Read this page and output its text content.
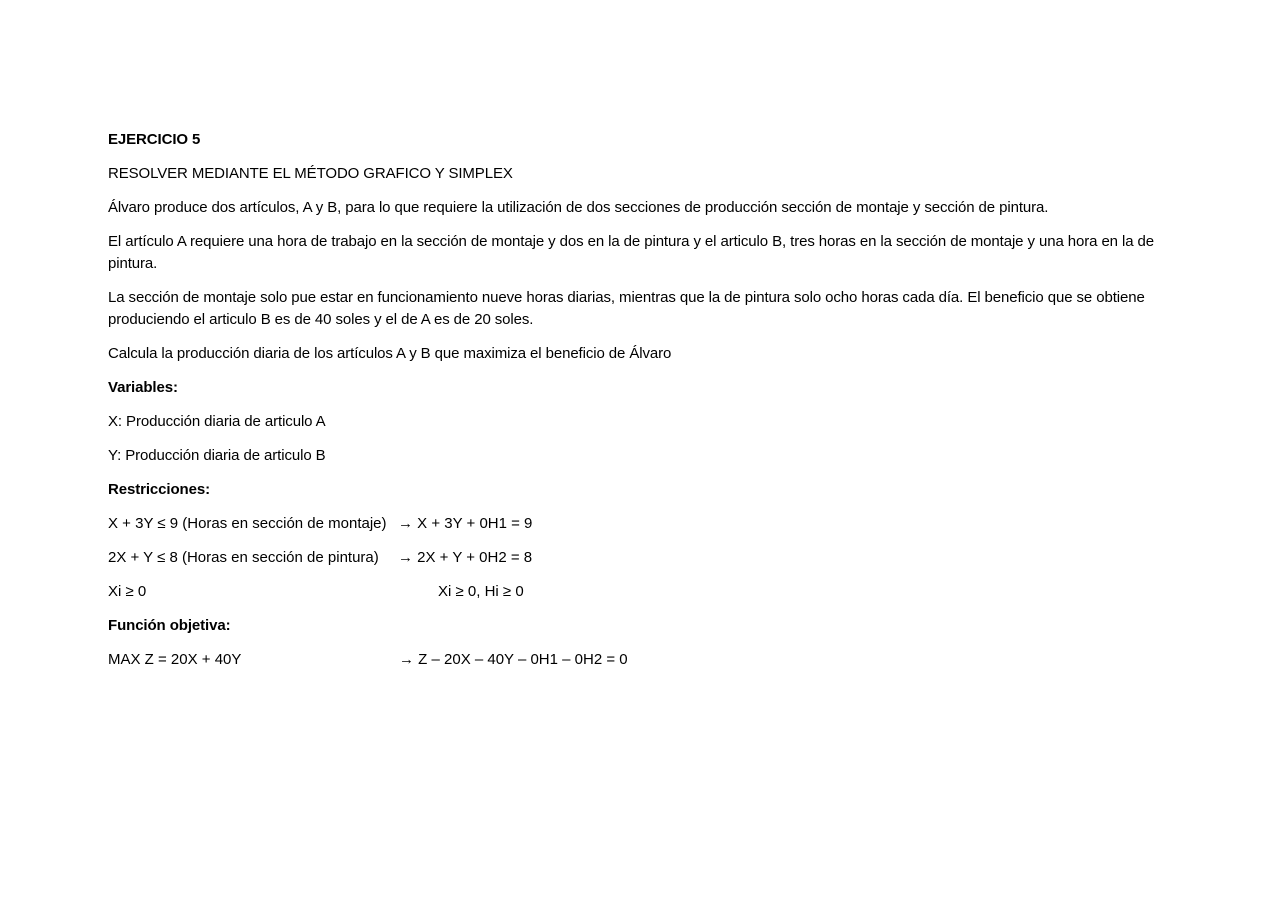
EJERCICIO 5

RESOLVER MEDIANTE EL MÉTODO GRAFICO Y SIMPLEX

Álvaro produce dos artículos, A y B, para lo que requiere la utilización de dos secciones de producción sección de montaje y sección de pintura.

El artículo A requiere una hora de trabajo en la sección de montaje y dos en la de pintura y el articulo B, tres horas en la sección de montaje y una hora en la de pintura.

La sección de montaje solo pue estar en funcionamiento nueve horas diarias, mientras que la de pintura solo ocho horas cada día. El beneficio que se obtiene produciendo el articulo B es de 40 soles y el de A es de 20 soles.

Calcula la producción diaria de los artículos A y B que maximiza el beneficio de Álvaro

Variables:

X: Producción diaria de articulo A

Y: Producción diaria de articulo B

Restricciones:

X + 3Y ≤ 9 (Horas en sección de montaje) → X + 3Y + 0H1 = 9
2X + Y ≤ 8 (Horas en sección de pintura) → 2X + Y + 0H2 = 8
Xi ≥ 0	Xi ≥ 0, Hi ≥ 0

Función objetiva:

MAX Z = 20X + 40Y	→ Z – 20X – 40Y – 0H1 – 0H2 = 0
